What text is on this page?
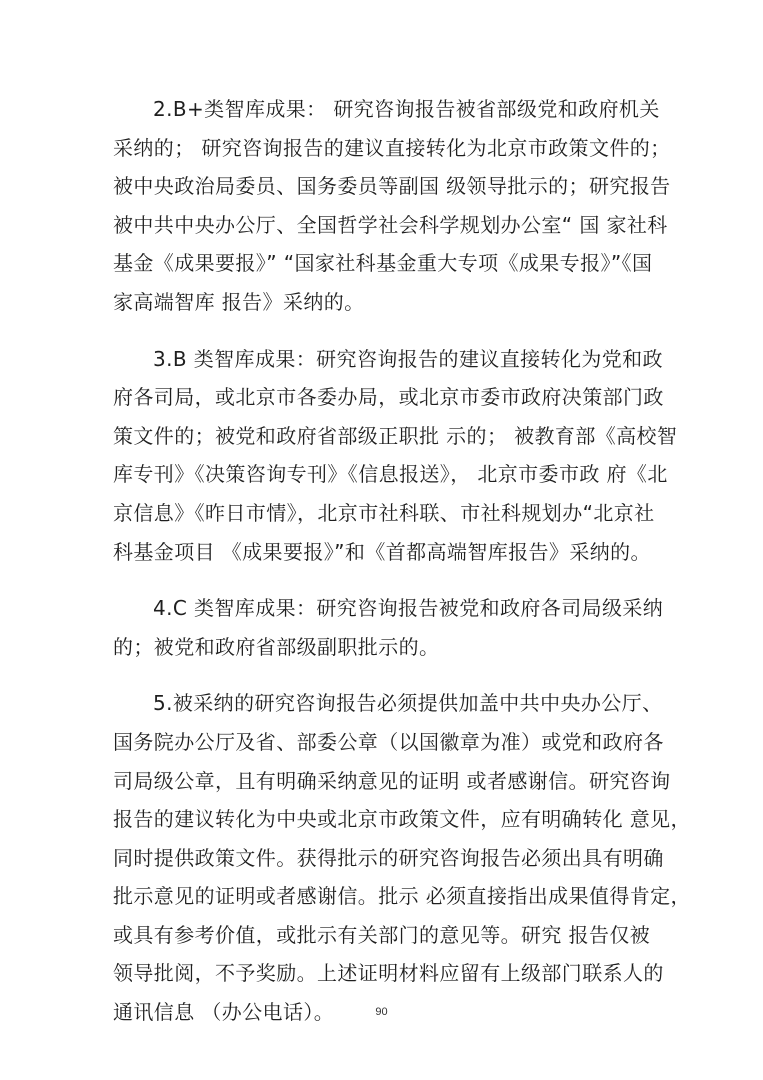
2.B+类智库成果： 研究咨询报告被省部级党和政府机关
采纳的； 研究咨询报告的建议直接转化为北京市政策文件的；
被中央政治局委员、国务委员等副国 级领导批示的；研究报告
被中共中央办公厅、全国哲学社会科学规划办公室“ 国 家社科
基金《成果要报》” “国家社科基金重大专项《成果专报》”《国
家高端智库 报告》采纳的。
3.B 类智库成果：研究咨询报告的建议直接转化为党和政
府各司局，或北京市各委办局，或北京市委市政府决策部门政
策文件的；被党和政府省部级正职批 示的； 被教育部《高校智
库专刊》《决策咨询专刊》《信息报送》， 北京市委市政 府《北
京信息》《昨日市情》，北京市社科联、市社科规划办“北京社
科基金项目 《成果要报》”和《首都高端智库报告》采纳的。
4.C 类智库成果：研究咨询报告被党和政府各司局级采纳
的；被党和政府省部级副职批示的。
5.被采纳的研究咨询报告必须提供加盖中共中央办公厅、
国务院办公厅及省、部委公章（以国徽章为准）或党和政府各
司局级公章，且有明确采纳意见的证明 或者感谢信。研究咨询
报告的建议转化为中央或北京市政策文件，应有明确转化 意见，
同时提供政策文件。获得批示的研究咨询报告必须出具有明确
批示意见的证明或者感谢信。批示 必须直接指出成果值得肯定，
或具有参考价值，或批示有关部门的意见等。研究 报告仅被
领导批阅，不予奖励。上述证明材料应留有上级部门联系人的
通讯信息 （办公电话）。	90
